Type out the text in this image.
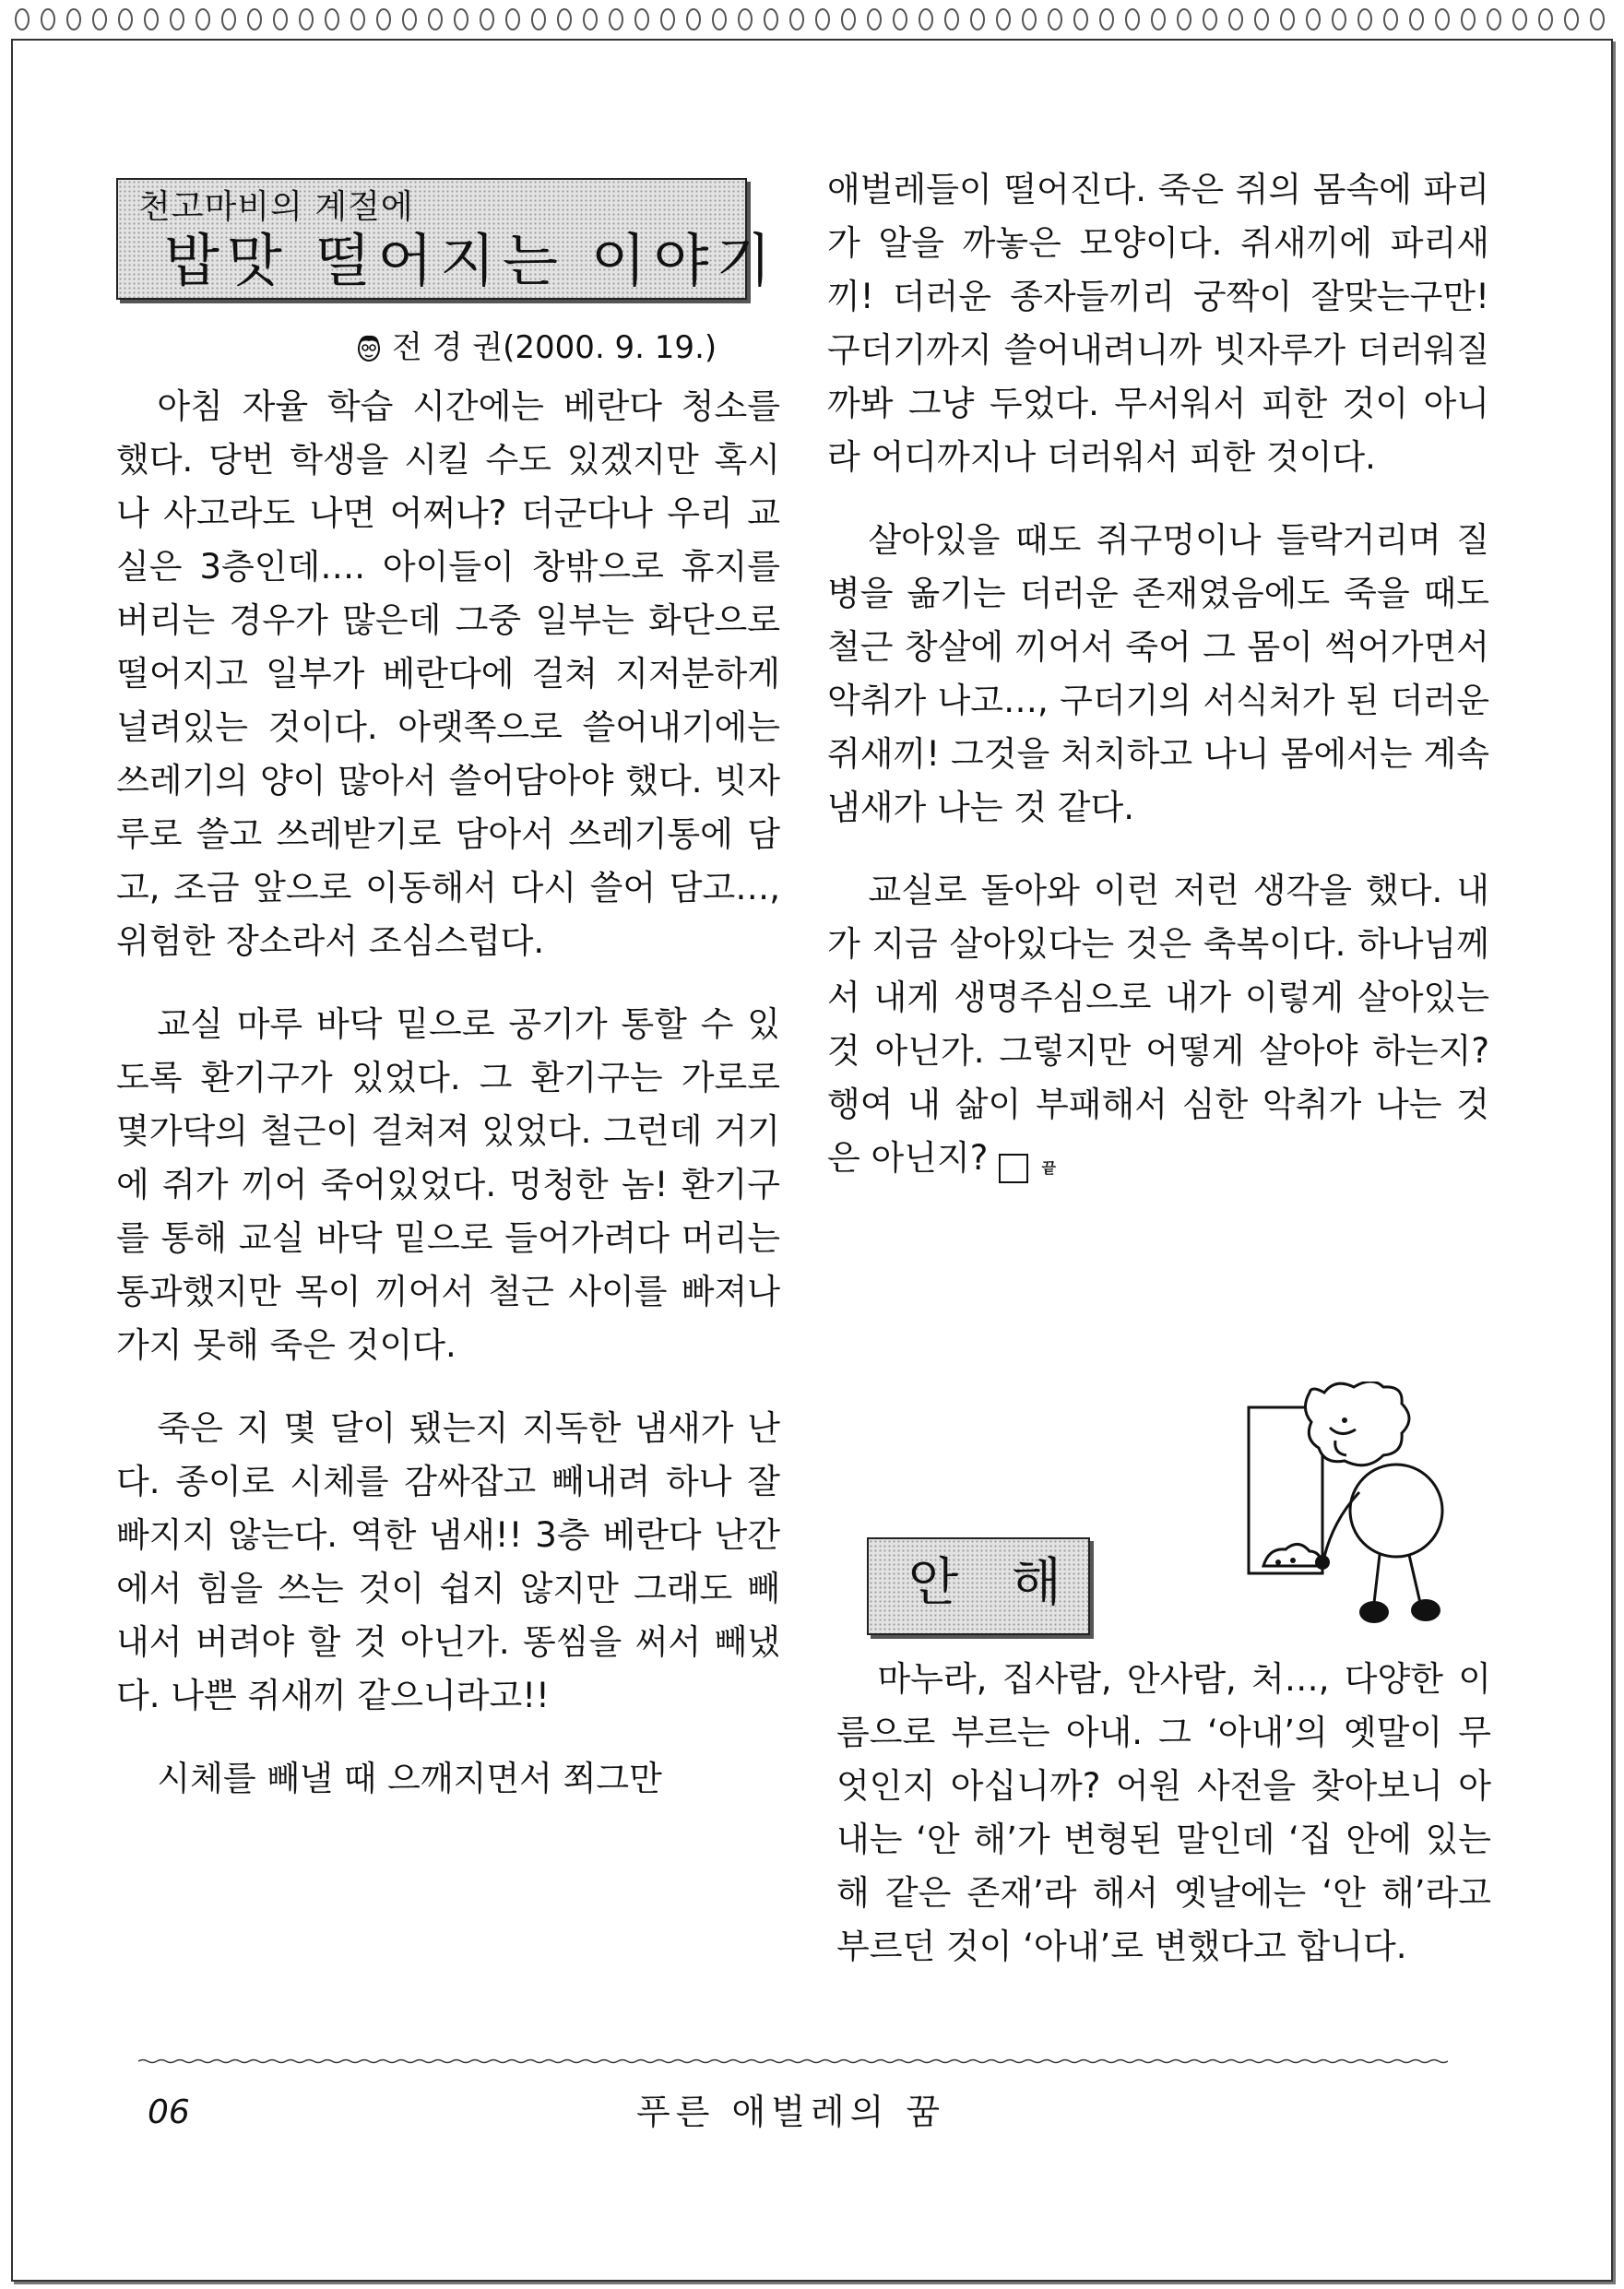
천고마비의 계절에
밥맛 떨어지는 이야기
전 경 권(2000. 9. 19.)

아침 자율 학습 시간에는 베란다 청소를 했다. 당번 학생을 시킬 수도 있겠지만 혹시나 사고라도 나면 어쩌나? 더군다나 우리 교실은 3층인데…. 아이들이 창밖으로 휴지를 버리는 경우가 많은데 그중 일부는 화단으로 떨어지고 일부가 베란다에 걸쳐 지저분하게 널려있는 것이다. 아랫쪽으로 쓸어내기에는 쓰레기의 양이 많아서 쓸어담아야 했다. 빗자루로 쓸고 쓰레받기로 담아서 쓰레기통에 담고, 조금 앞으로 이동해서 다시 쓸어 담고…, 위험한 장소라서 조심스럽다.

교실 마루 바닥 밑으로 공기가 통할 수 있도록 환기구가 있었다. 그 환기구는 가로로 몇가닥의 철근이 걸쳐져 있었다. 그런데 거기에 쥐가 끼어 죽어있었다. 멍청한 놈! 환기구를 통해 교실 바닥 밑으로 들어가려다 머리는 통과했지만 목이 끼어서 철근 사이를 빠져나가지 못해 죽은 것이다.

죽은 지 몇 달이 됐는지 지독한 냄새가 난다. 종이로 시체를 감싸잡고 빼내려 하나 잘 빠지지 않는다. 역한 냄새!! 3층 베란다 난간에서 힘을 쓰는 것이 쉽지 않지만 그래도 빼내서 버려야 할 것 아닌가. 똥씸을 써서 빼냈다. 나쁜 쥐새끼 같으니라고!!

시체를 빼낼 때 으깨지면서 쬐그만

애벌레들이 떨어진다. 죽은 쥐의 몸속에 파리가 알을 까놓은 모양이다. 쥐새끼에 파리새끼! 더러운 종자들끼리 궁짝이 잘맞는구만! 구더기까지 쓸어내려니까 빗자루가 더러워질까봐 그냥 두었다. 무서워서 피한 것이 아니라 어디까지나 더러워서 피한 것이다.

살아있을 때도 쥐구멍이나 들락거리며 질병을 옮기는 더러운 존재였음에도 죽을 때도 철근 창살에 끼어서 죽어 그 몸이 썩어가면서 악취가 나고…, 구더기의 서식처가 된 더러운 쥐새끼! 그것을 처치하고 나니 몸에서는 계속 냄새가 나는 것 같다.

교실로 돌아와 이런 저런 생각을 했다. 내가 지금 살아있다는 것은 축복이다. 하나님께서 내게 생명주심으로 내가 이렇게 살아있는 것 아닌가. 그렇지만 어떻게 살아야 하는지? 행여 내 삶이 부패해서 심한 악취가 나는 것은 아닌지?	끝

안 해

마누라, 집사람, 안사람, 처…, 다양한 이름으로 부르는 아내. 그 ‘아내’의 옛말이 무엇인지 아십니까? 어원 사전을 찾아보니 아내는 ‘안 해’가 변형된 말인데 ‘집 안에 있는 해 같은 존재’라 해서 옛날에는 ‘안 해’라고 부르던 것이 ‘아내’로 변했다고 합니다.

06	푸른 애벌레의 꿈
